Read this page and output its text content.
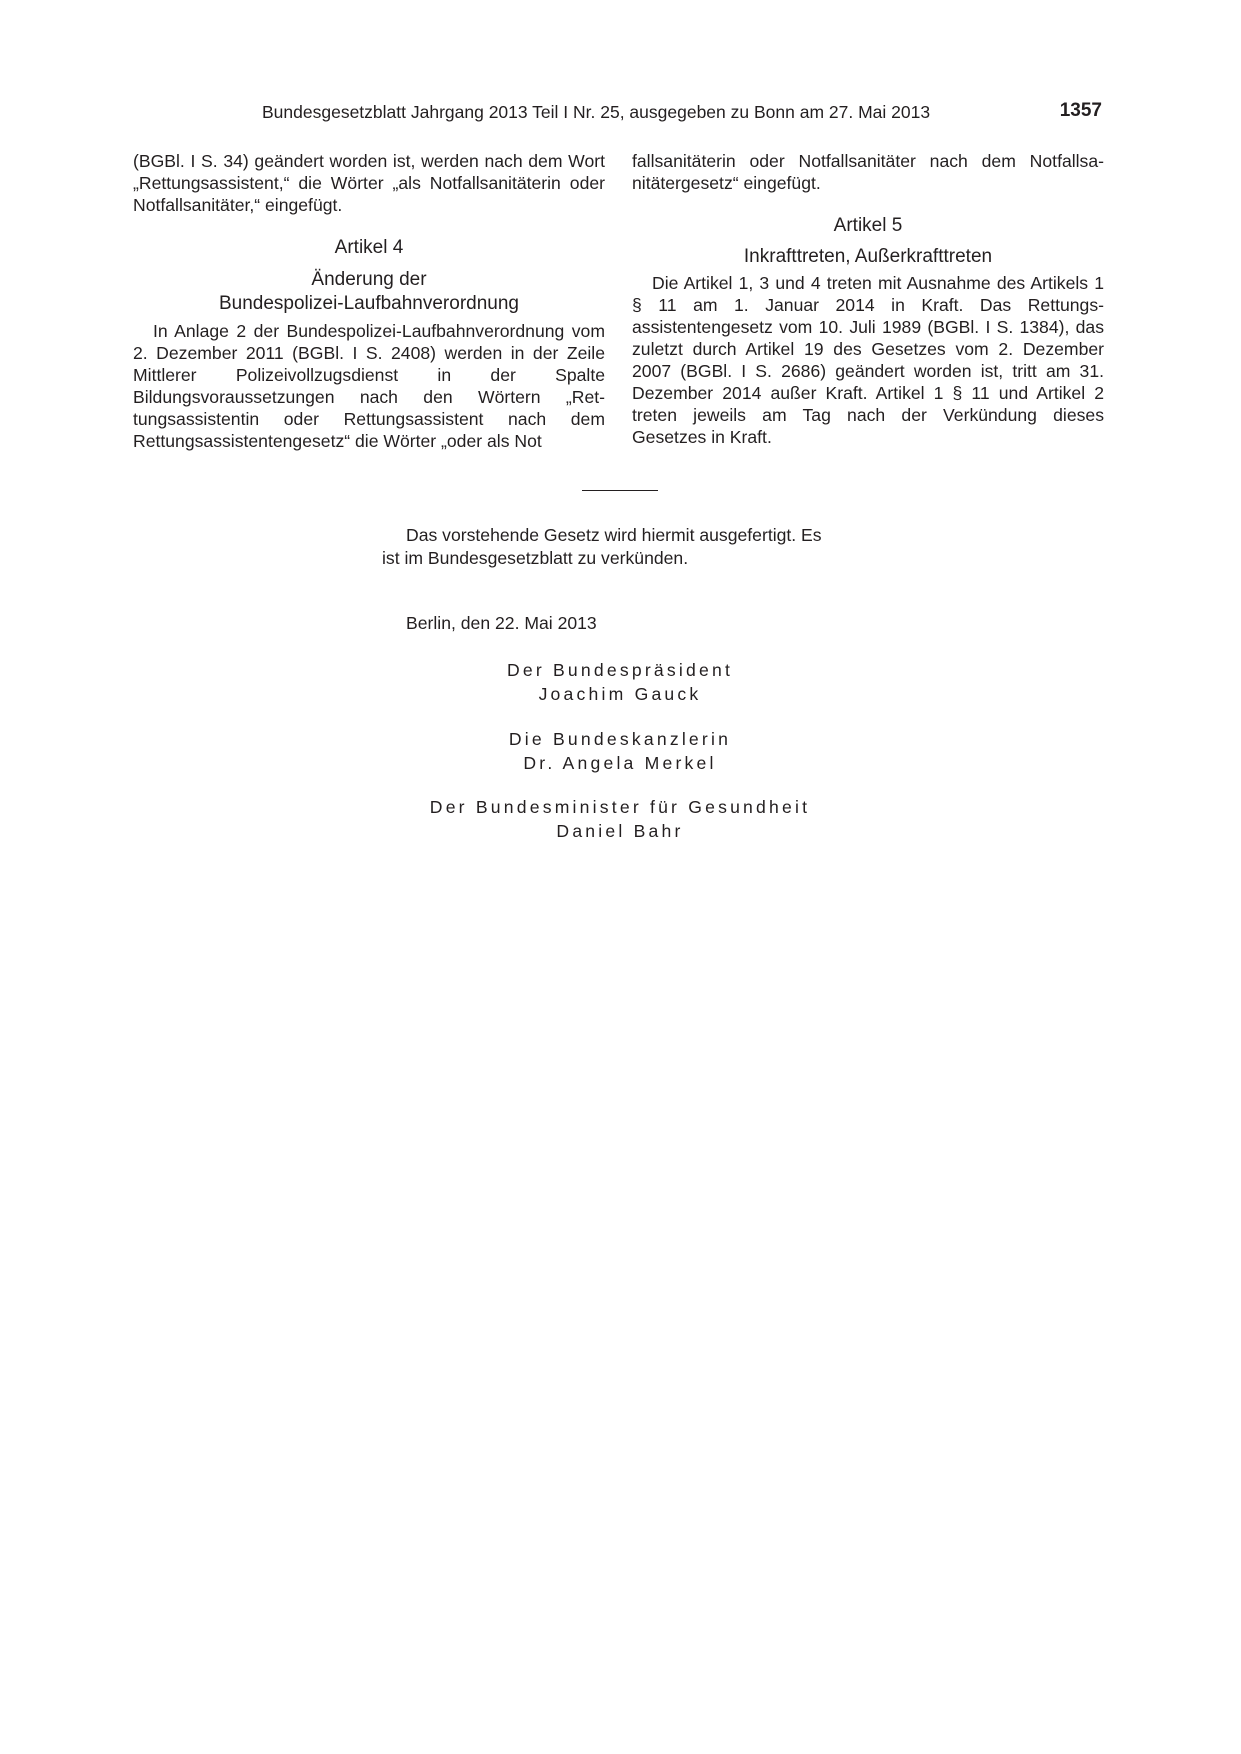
Bundesgesetzblatt Jahrgang 2013 Teil I Nr. 25, ausgegeben zu Bonn am 27. Mai 2013	1357

(BGBl. I S. 34) geändert worden ist, werden nach dem Wort „Rettungsassistent,“ die Wörter „als Notfallsanitäterin oder Notfallsanitäter,“ eingefügt.

Artikel 4

Änderung der
Bundespolizei-Laufbahnverordnung

In Anlage 2 der Bundespolizei-Laufbahnverordnung vom 2. Dezember 2011 (BGBl. I S. 2408) werden in der Zeile Mittlerer Polizeivollzugsdienst in der Spalte Bildungsvoraussetzungen nach den Wörtern „Rettungsassistentin oder Rettungsassistent nach dem Rettungsassistentengesetz“ die Wörter „oder als Not

fallsanitäterin oder Notfallsanitäter nach dem Notfallsanitätergesetz“ eingefügt.

Artikel 5

Inkrafttreten, Außerkrafttreten

Die Artikel 1, 3 und 4 treten mit Ausnahme des Artikels 1 § 11 am 1. Januar 2014 in Kraft. Das Rettungsassistentengesetz vom 10. Juli 1989 (BGBl. I S. 1384), das zuletzt durch Artikel 19 des Gesetzes vom 2. Dezember 2007 (BGBl. I S. 2686) geändert worden ist, tritt am 31. Dezember 2014 außer Kraft. Artikel 1 § 11 und Artikel 2 treten jeweils am Tag nach der Verkündung dieses Gesetzes in Kraft.

Das vorstehende Gesetz wird hiermit ausgefertigt. Es

ist im Bundesgesetzblatt zu verkünden.

Berlin, den 22. Mai 2013
Der Bundespräsident
Joachim Gauck
Die Bundeskanzlerin
Dr. Angela Merkel
Der Bundesminister für Gesundheit
Daniel Bahr
